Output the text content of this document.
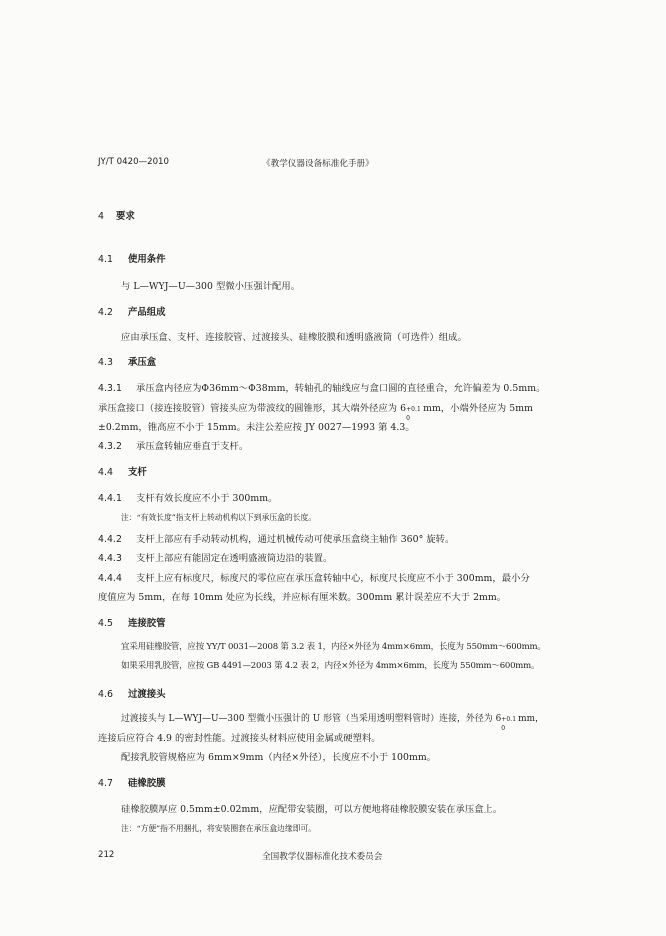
JY/T 0420—2010	《教学仪器设备标准化手册》
4 要求
4.1 使用条件
与 L—WYJ—U—300 型微小压强计配用。
4.2 产品组成
应由承压盒、支杆、连接胶管、过渡接头、硅橡胶膜和透明盛液筒（可选件）组成。
4.3 承压盒
4.3.1 承压盒内径应为Φ36mm～Φ38mm，转轴孔的轴线应与盒口圆的直径重合，允许偏差为 0.5mm。
承压盒接口（接连接胶管）管接头应为带波纹的圆锥形，其大端外径应为 6 +0.1
0
mm，小端外径应为 5mm
±0.2mm，锥高应不小于 15mm。未注公差应按 JY 0027—1993 第 4.3。
4.3.2 承压盒转轴应垂直于支杆。
4.4 支杆
4.4.1 支杆有效长度应不小于 300mm。
注：“有效长度”指支杆上转动机构以下到承压盒的长度。
4.4.2 支杆上部应有手动转动机构，通过机械传动可使承压盒绕主轴作 360° 旋转。
4.4.3 支杆上部应有能固定在透明盛液筒边沿的装置。
4.4.4 支杆上应有标度尺，标度尺的零位应在承压盒转轴中心，标度尺长度应不小于 300mm，最小分
度值应为 5mm，在每 10mm 处应为长线，并应标有厘米数。300mm 累计误差应不大于 2mm。
4.5 连接胶管
宜采用硅橡胶管，应按 YY/T 0031—2008 第 3.2 表 1，内径×外径为 4mm×6mm，长度为 550mm～600mm。
如果采用乳胶管，应按 GB 4491—2003 第 4.2 表 2，内径×外径为 4mm×6mm，长度为 550mm～600mm。
4.6 过渡接头
过渡接头与 L—WYJ—U—300 型微小压强计的 U 形管（当采用透明塑料管时）连接，外径为 6 +0.1
0
mm，
连接后应符合 4.9 的密封性能。过渡接头材料应使用金属或硬塑料。
配接乳胶管规格应为 6mm×9mm（内径×外径），长度应不小于 100mm。
4.7 硅橡胶膜
硅橡胶膜厚应 0.5mm±0.02mm，应配带安装圈，可以方便地将硅橡胶膜安装在承压盒上。
注：“方便”指不用捆扎，将安装圈套在承压盒边缘即可。
212	全国教学仪器标准化技术委员会
